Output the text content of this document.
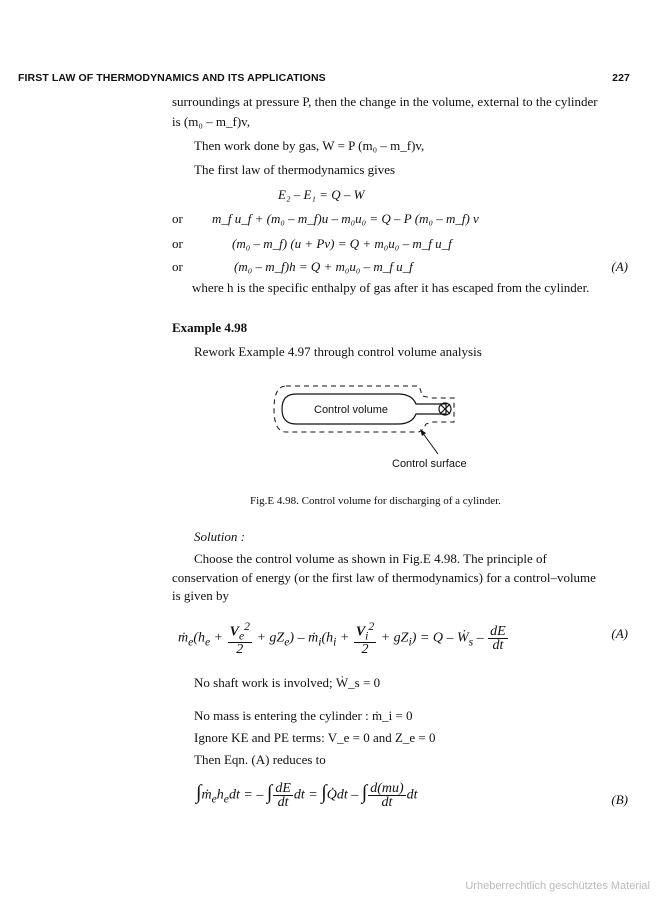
FIRST LAW OF THERMODYNAMICS AND ITS APPLICATIONS	227
surroundings at pressure P, then the change in the volume, external to the cylinder
is (m₀ – m_f)v,
Then work done by gas, W = P (m₀ – m_f)v,
The first law of thermodynamics gives
E₂ – E₁ = Q – W
or m_f u_f + (m₀ – m_f)u – m₀u₀ = Q – P (m₀ – m_f) v
or	(m₀ – m_f) (u + Pv) = Q + m₀u₀ – m_f u_f
or	(m₀ – m_f)h = Q + m₀u₀ – m_f u_f	(A)
where h is the specific enthalpy of gas after it has escaped from the cylinder.
Example 4.98
Rework Example 4.97 through control volume analysis
Control volume
Control surface
Fig.E 4.98. Control volume for discharging of a cylinder.
Solution :
Choose the control volume as shown in Fig.E 4.98. The principle of
conservation of energy (or the first law of thermodynamics) for a control–volume
is given by
$ṁ_e(h_e + \frac{V_e^2}{2} + gZ_e)$ – $ṁ_i(h_i + \frac{V_i^2}{2} + gZ_i) = Q$ – Ẇ$_s$ – $\frac{dE}{dt}$	(A)
No shaft work is involved; Ẇ_s = 0
No mass is entering the cylinder : ṁ_i = 0
Ignore KE and PE terms: V_e = 0 and Z_e = 0
Then Eqn. (A) reduces to
$\int ṁ_eh_edt$ = – ∫ $\frac{dE}{dt}$ dt = ∫Q̇dt – ∫ $\frac{d(mu)}{dt}$ dt	(B)
Urheberrechtlich geschütztes Material
